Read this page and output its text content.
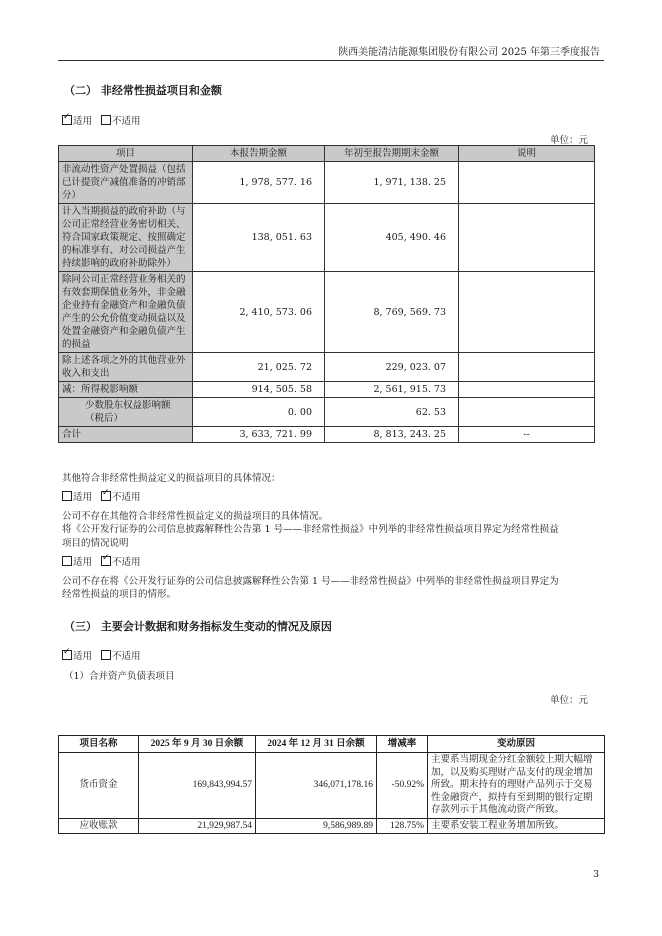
陕西美能清洁能源集团股份有限公司 2025 年第三季度报告
（二） 非经常性损益项目和金额
✓适用 不适用
单位：元
项目	本报告期金额	年初至报告期期末金额	说明
非流动性资产处置损益（包括已计提资产减值准备的冲销部分）	1, 978, 577. 16	1, 971, 138. 25	
计入当期损益的政府补助（与公司正常经营业务密切相关、符合国家政策规定、按照确定的标准享有、对公司损益产生持续影响的政府补助除外）	138, 051. 63	405, 490. 46	
除同公司正常经营业务相关的有效套期保值业务外，非金融企业持有金融资产和金融负债产生的公允价值变动损益以及处置金融资产和金融负债产生的损益	2, 410, 573. 06	8, 769, 569. 73	
除上述各项之外的其他营业外收入和支出	21, 025. 72	229, 023. 07	
减：所得税影响额	914, 505. 58	2, 561, 915. 73	
少数股东权益影响额（税后）	0. 00	62. 53	
合计	3, 633, 721. 99	8, 813, 243. 25	--
其他符合非经常性损益定义的损益项目的具体情况：
适用 ✓ 不适用
公司不存在其他符合非经常性损益定义的损益项目的具体情况。
将《公开发行证券的公司信息披露解释性公告第 1 号——非经常性损益》中列举的非经常性损益项目界定为经常性损益
项目的情况说明
适用 ✓ 不适用
公司不存在将《公开发行证券的公司信息披露解释性公告第 1 号——非经常性损益》中列举的非经常性损益项目界定为
经常性损益的项目的情形。
（三） 主要会计数据和财务指标发生变动的情况及原因
✓适用 不适用
（1）合并资产负债表项目
单位：元
项目名称	2025 年 9 月 30 日余额	2024 年 12 月 31 日余额	增减率	变动原因
货币资金	169,843,994.57	346,071,178.16	-50.92%	主要系当期现金分红金额较上期大幅增加，以及购买理财产品支付的现金增加所致。期末持有的理财产品列示于交易性金融资产，拟持有至到期的银行定期存款列示于其他流动资产所致。
应收账款	21,929,987.54	9,586,989.89	128.75%	主要系安装工程业务增加所致。
3
